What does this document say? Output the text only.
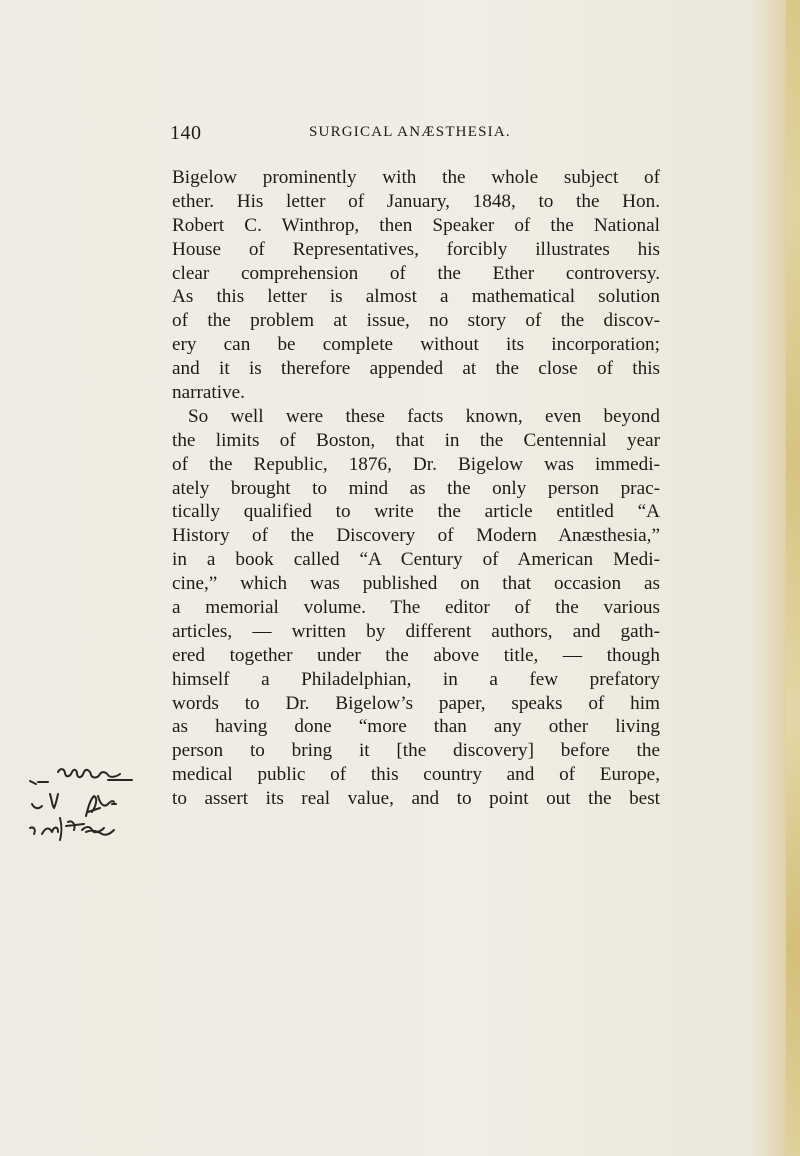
140	SURGICAL ANÆSTHESIA.
Bigelow prominently with the whole subject of
ether. His letter of January, 1848, to the Hon.
Robert C. Winthrop, then Speaker of the National
House of Representatives, forcibly illustrates his
clear comprehension of the Ether controversy.
As this letter is almost a mathematical solution
of the problem at issue, no story of the discov-
ery can be complete without its incorporation;
and it is therefore appended at the close of this
narrative.
So well were these facts known, even beyond
the limits of Boston, that in the Centennial year
of the Republic, 1876, Dr. Bigelow was immedi-
ately brought to mind as the only person prac-
tically qualified to write the article entitled “A
History of the Discovery of Modern Anæsthesia,”
in a book called “A Century of American Medi-
cine,” which was published on that occasion as
a memorial volume. The editor of the various
articles, — written by different authors, and gath-
ered together under the above title, — though
himself a Philadelphian, in a few prefatory
words to Dr. Bigelow’s paper, speaks of him
as having done “more than any other living
person to bring it [the discovery] before the
medical public of this country and of Europe,
to assert its real value, and to point out the best
